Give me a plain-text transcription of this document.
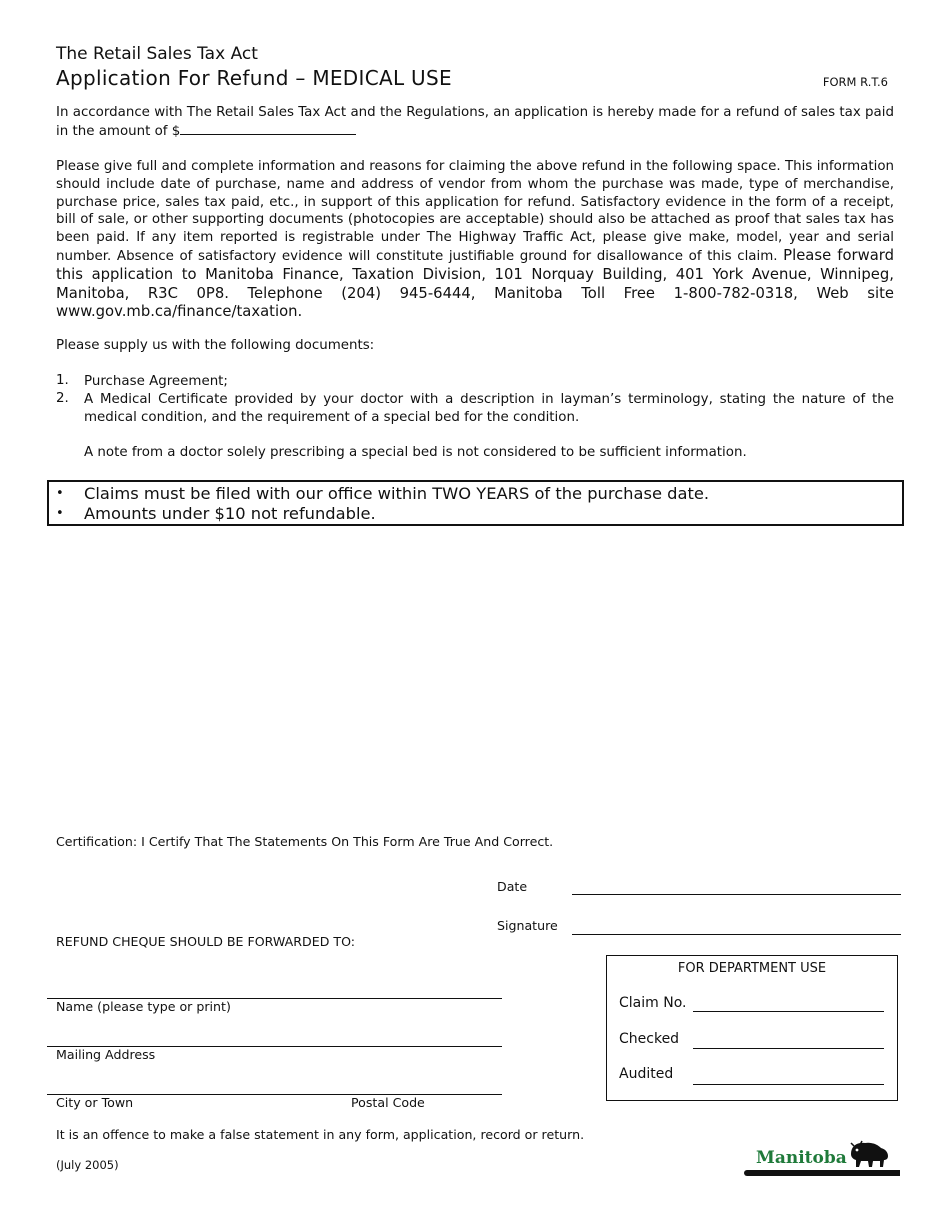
The Retail Sales Tax Act
Application For Refund – MEDICAL USE	FORM R.T.6
In accordance with The Retail Sales Tax Act and the Regulations, an application is hereby made for a refund of sales tax paid in the amount of $
Please give full and complete information and reasons for claiming the above refund in the following space. This information should include date of purchase, name and address of vendor from whom the purchase was made, type of merchandise, purchase price, sales tax paid, etc., in support of this application for refund. Satisfactory evidence in the form of a receipt, bill of sale, or other supporting documents (photocopies are acceptable) should also be attached as proof that sales tax has been paid. If any item reported is registrable under The Highway Traffic Act, please give make, model, year and serial number. Absence of satisfactory evidence will constitute justifiable ground for disallowance of this claim. Please forward this application to Manitoba Finance, Taxation Division, 101 Norquay Building, 401 York Avenue, Winnipeg, Manitoba, R3C 0P8. Telephone (204) 945-6444, Manitoba Toll Free 1-800-782-0318, Web site www.gov.mb.ca/finance/taxation.
Please supply us with the following documents:
1. Purchase Agreement;
2. A Medical Certificate provided by your doctor with a description in layman’s terminology, stating the nature of the medical condition, and the requirement of a special bed for the condition.
A note from a doctor solely prescribing a special bed is not considered to be sufficient information.
• Claims must be filed with our office within TWO YEARS of the purchase date.
• Amounts under $10 not refundable.
Certification: I Certify That The Statements On This Form Are True And Correct.
Date
Signature
REFUND CHEQUE SHOULD BE FORWARDED TO:
Name (please type or print)
Mailing Address
City or Town	Postal Code
FOR DEPARTMENT USE
Claim No.
Checked
Audited
It is an offence to make a false statement in any form, application, record or return.
(July 2005)	Manitoba
